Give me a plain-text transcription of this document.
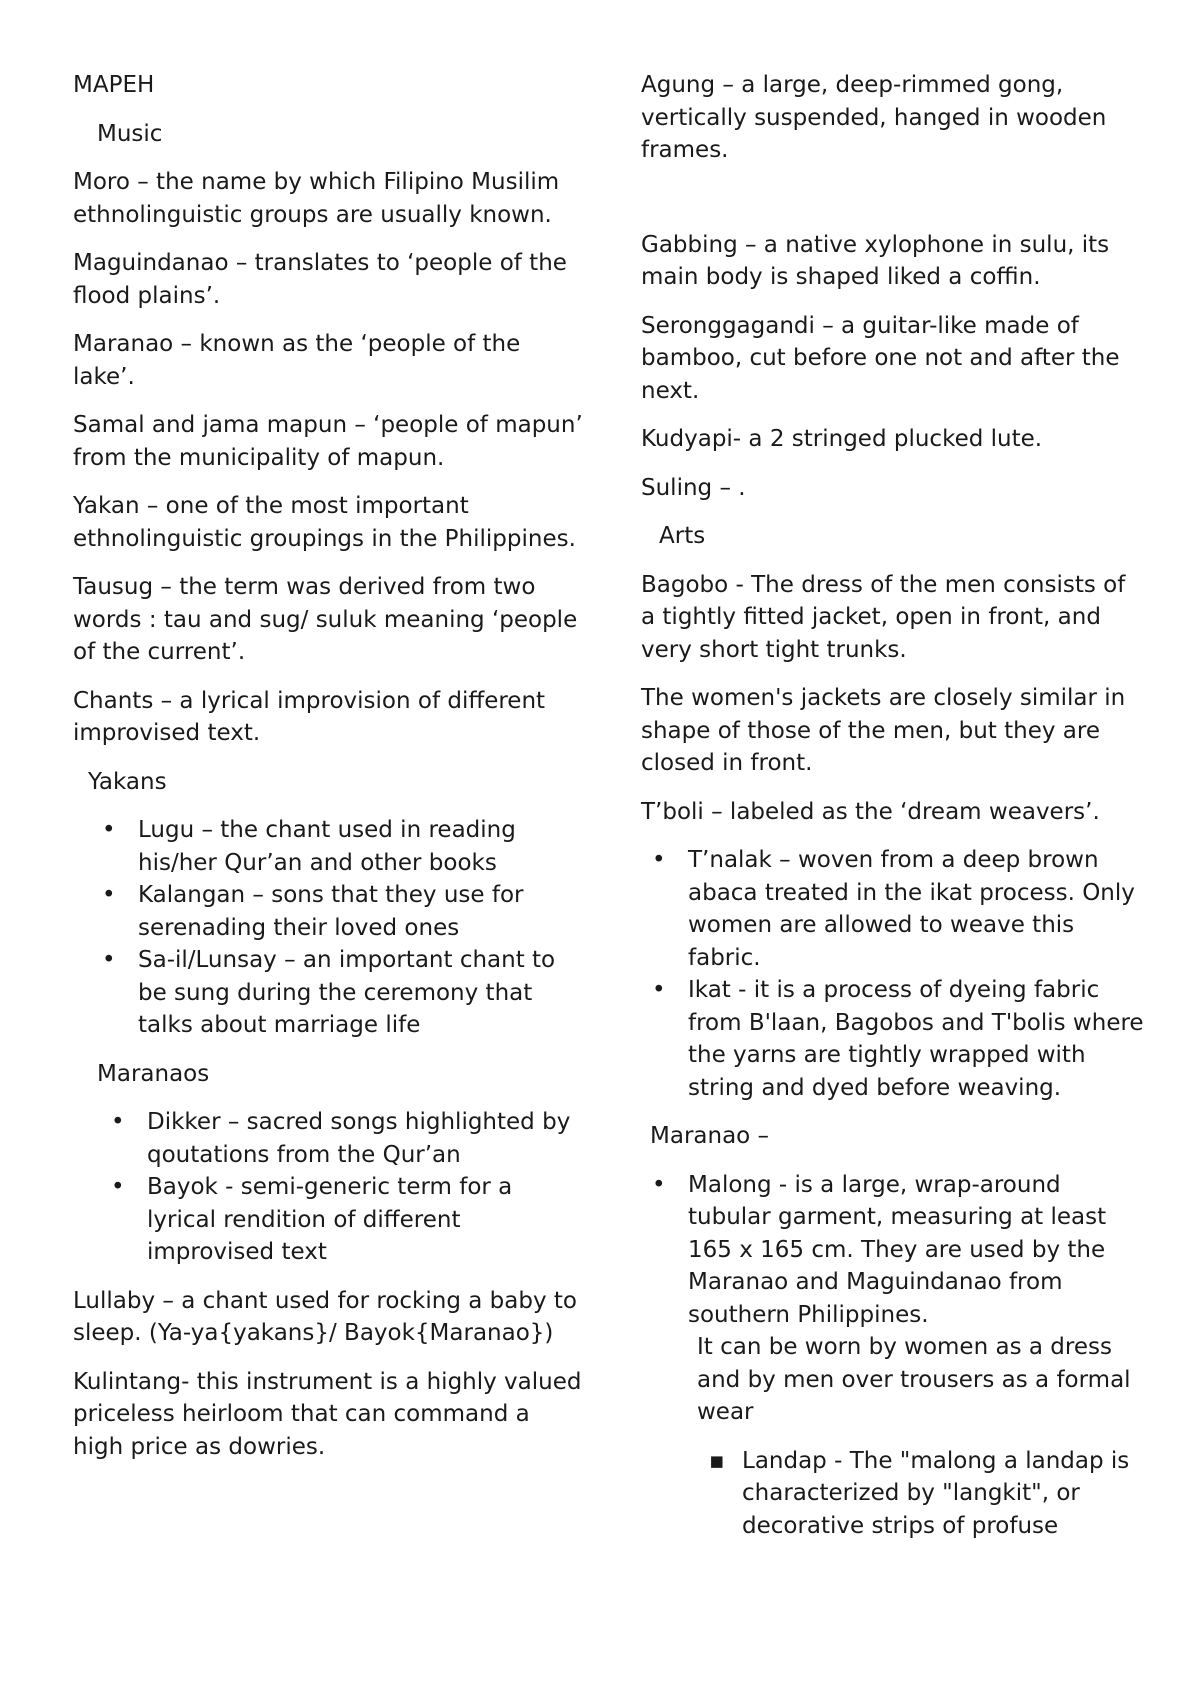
MAPEH

Music

Moro – the name by which Filipino Musilim ethnolinguistic groups are usually known.

Maguindanao – translates to ‘people of the flood plains’.

Maranao – known as the ‘people of the lake’.

Samal and jama mapun – ‘people of mapun’ from the municipality of mapun.

Yakan – one of the most important ethnolinguistic groupings in the Philippines.

Tausug – the term was derived from two words : tau and sug/ suluk meaning ‘people of the current’.

Chants – a lyrical improvision of different improvised text.

Yakans

• Lugu – the chant used in reading his/her Qur’an and other books
• Kalangan – sons that they use for serenading their loved ones
• Sa-il/Lunsay – an important chant to be sung during the ceremony that talks about marriage life

Maranaos

• Dikker – sacred songs highlighted by qoutations from the Qur’an
• Bayok - semi-generic term for a lyrical rendition of different improvised text

Lullaby – a chant used for rocking a baby to sleep. (Ya-ya{yakans}/ Bayok{Maranao})

Kulintang- this instrument is a highly valued priceless heirloom that can command a high price as dowries.

Agung – a large, deep-rimmed gong, vertically suspended, hanged in wooden frames.

Gabbing – a native xylophone in sulu, its main body is shaped liked a coffin.

Seronggagandi – a guitar-like made of bamboo, cut before one not and after the next.

Kudyapi- a 2 stringed plucked lute.

Suling – .

Arts

Bagobo - The dress of the men consists of a tightly fitted jacket, open in front, and very short tight trunks.

The women's jackets are closely similar in shape of those of the men, but they are closed in front.

T’boli – labeled as the ‘dream weavers’.

• T’nalak – woven from a deep brown abaca treated in the ikat process. Only women are allowed to weave this fabric.
• Ikat - it is a process of dyeing fabric from B'laan, Bagobos and T'bolis where the yarns are tightly wrapped with string and dyed before weaving.

Maranao –

• Malong - is a large, wrap-around tubular garment, measuring at least 165 x 165 cm. They are used by the Maranao and Maguindanao from southern Philippines.
It can be worn by women as a dress and by men over trousers as a formal wear
▪ Landap - The "malong a landap is characterized by "langkit", or decorative strips of profuse
